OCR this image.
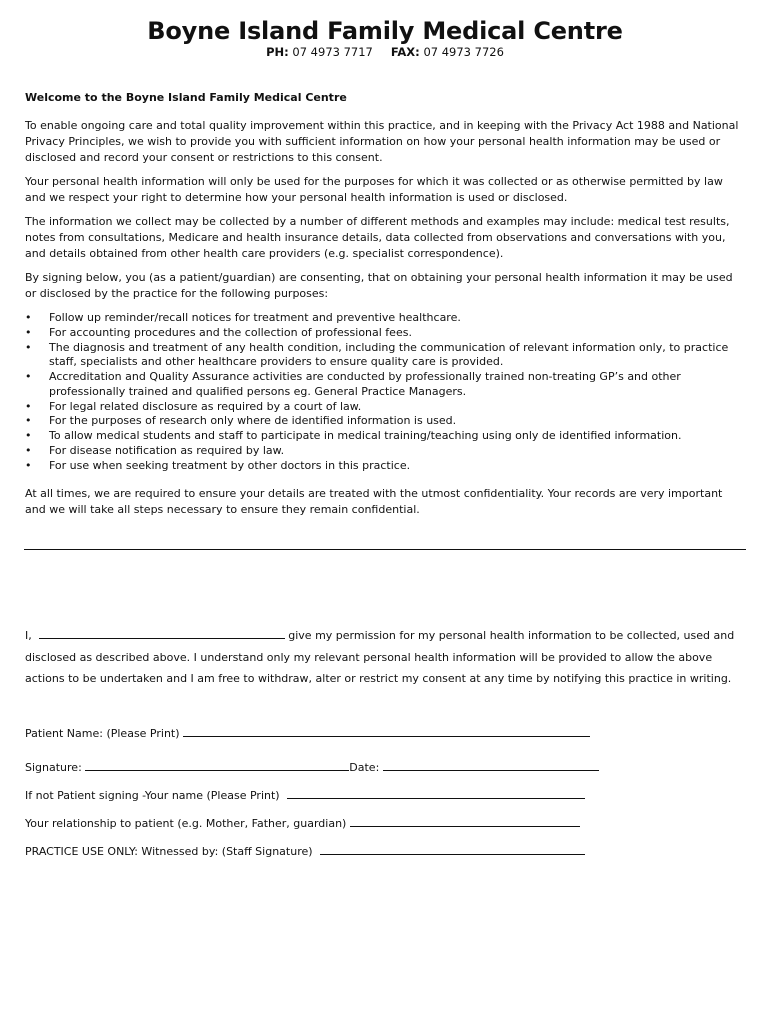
Boyne Island Family Medical Centre
PH: 07 4973 7717 FAX: 07 4973 7726
Welcome to the Boyne Island Family Medical Centre

To enable ongoing care and total quality improvement within this practice, and in keeping with the Privacy Act 1988 and National Privacy Principles, we wish to provide you with sufficient information on how your personal health information may be used or disclosed and record your consent or restrictions to this consent.

Your personal health information will only be used for the purposes for which it was collected or as otherwise permitted by law and we respect your right to determine how your personal health information is used or disclosed.

The information we collect may be collected by a number of different methods and examples may include: medical test results, notes from consultations, Medicare and health insurance details, data collected from observations and conversations with you, and details obtained from other health care providers (e.g. specialist correspondence).

By signing below, you (as a patient/guardian) are consenting, that on obtaining your personal health information it may be used or disclosed by the practice for the following purposes:

• Follow up reminder/recall notices for treatment and preventive healthcare.
• For accounting procedures and the collection of professional fees.
• The diagnosis and treatment of any health condition, including the communication of relevant information only, to practice staff, specialists and other healthcare providers to ensure quality care is provided.
• Accreditation and Quality Assurance activities are conducted by professionally trained non-treating GP’s and other professionally trained and qualified persons eg. General Practice Managers.
• For legal related disclosure as required by a court of law.
• For the purposes of research only where de identified information is used.
• To allow medical students and staff to participate in medical training/teaching using only de identified information.
• For disease notification as required by law.
• For use when seeking treatment by other doctors in this practice.

At all times, we are required to ensure your details are treated with the utmost confidentiality. Your records are very important and we will take all steps necessary to ensure they remain confidential.

I,	give my permission for my personal health information to be collected, used and disclosed as described above. I understand only my relevant personal health information will be provided to allow the above actions to be undertaken and I am free to withdraw, alter or restrict my consent at any time by notifying this practice in writing.
Patient Name: (Please Print)
Signature:	Date:
If not Patient signing -Your name (Please Print)
Your relationship to patient (e.g. Mother, Father, guardian)
PRACTICE USE ONLY: Witnessed by: (Staff Signature)
